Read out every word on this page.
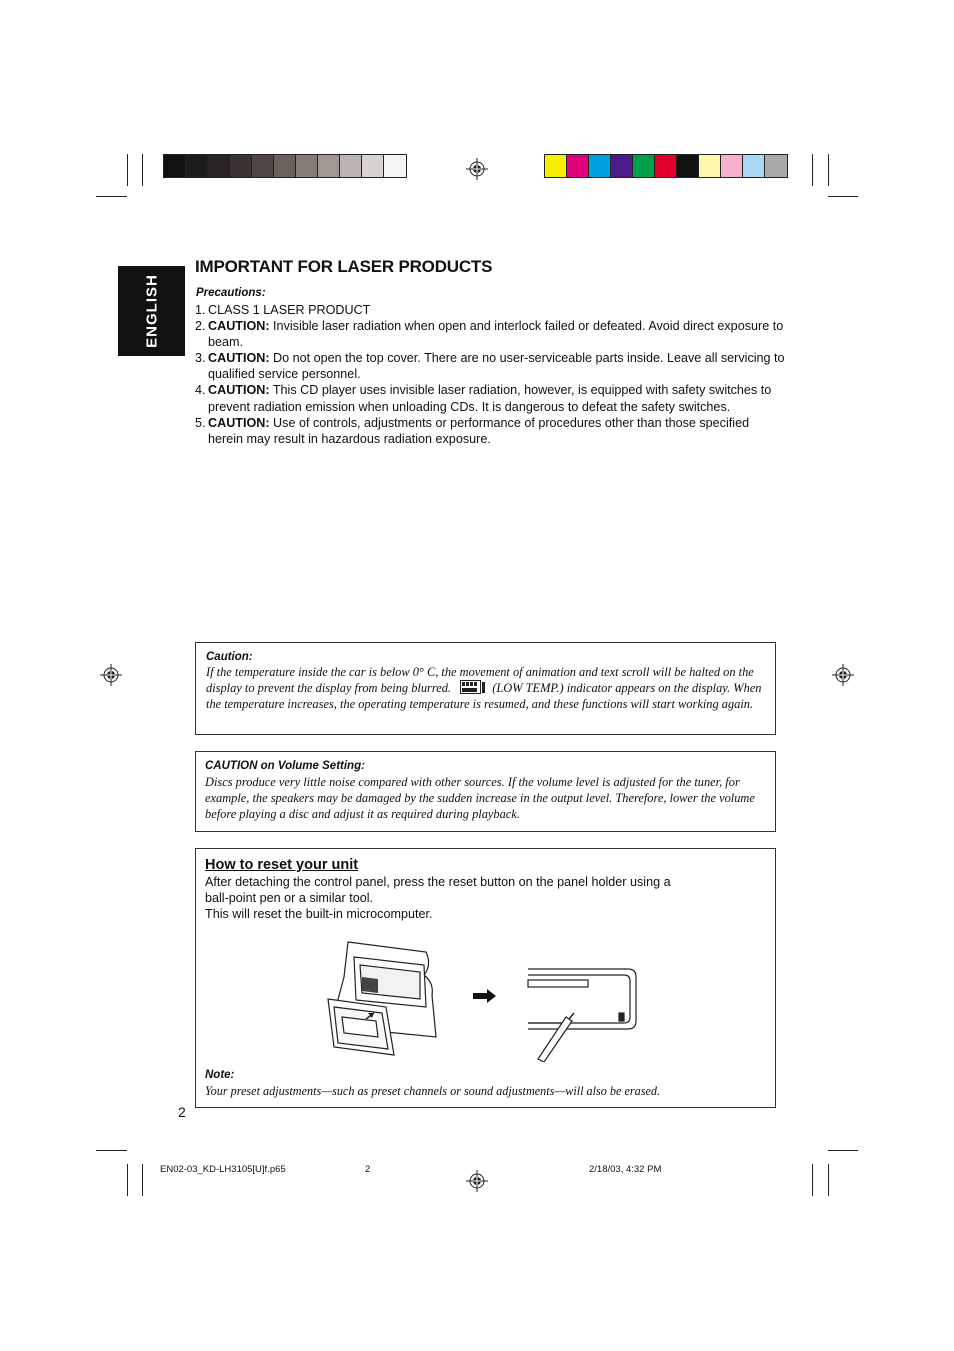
ENGLISH
IMPORTANT FOR LASER PRODUCTS
Precautions:
1. CLASS 1 LASER PRODUCT
2. CAUTION: Invisible laser radiation when open and interlock failed or defeated. Avoid direct exposure to beam.
3. CAUTION: Do not open the top cover. There are no user-serviceable parts inside. Leave all servicing to qualified service personnel.
4. CAUTION: This CD player uses invisible laser radiation, however, is equipped with safety switches to prevent radiation emission when unloading CDs. It is dangerous to defeat the safety switches.
5. CAUTION: Use of controls, adjustments or performance of procedures other than those specified herein may result in hazardous radiation exposure.
Caution:
If the temperature inside the car is below 0° C, the movement of animation and text scroll will be halted on the display to prevent the display from being blurred.	(LOW TEMP.) indicator appears on the display. When the temperature increases, the operating temperature is resumed, and these functions will start working again.
CAUTION on Volume Setting:
Discs produce very little noise compared with other sources. If the volume level is adjusted for the tuner, for example, the speakers may be damaged by the sudden increase in the output level. Therefore, lower the volume before playing a disc and adjust it as required during playback.
How to reset your unit
After detaching the control panel, press the reset button on the panel holder using a
ball-point pen or a similar tool.
This will reset the built-in microcomputer.
Note:
Your preset adjustments—such as preset channels or sound adjustments—will also be erased.
2
EN02-03_KD-LH3105[U]f.p65	2	2/18/03, 4:32 PM
